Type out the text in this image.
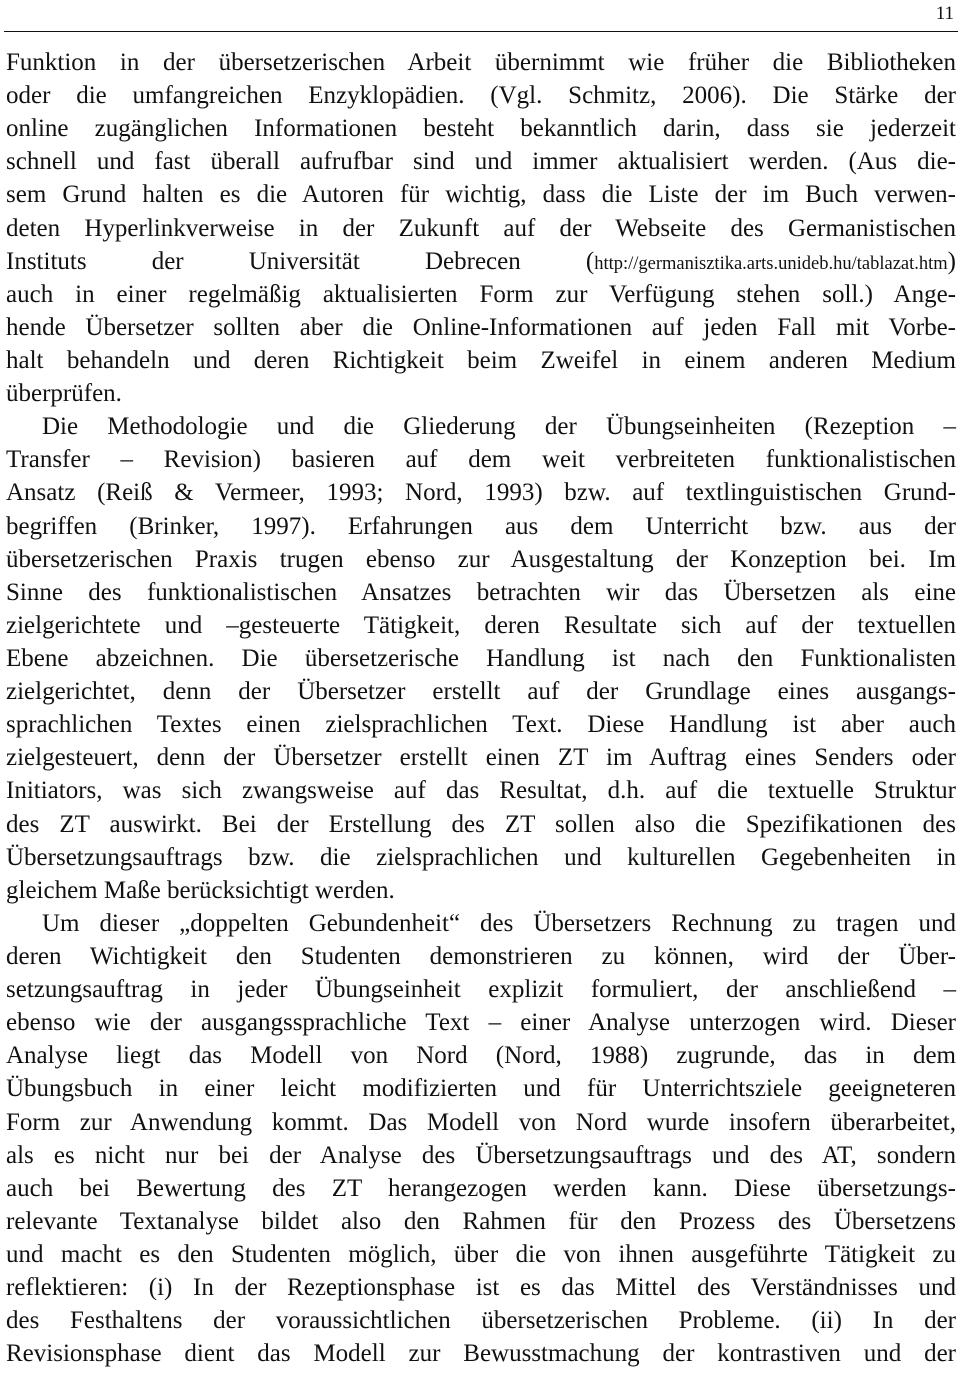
11
Funktion in der übersetzerischen Arbeit übernimmt wie früher die Bibliotheken
oder die umfangreichen Enzyklopädien. (Vgl. Schmitz, 2006). Die Stärke der
online zugänglichen Informationen besteht bekanntlich darin, dass sie jederzeit
schnell und fast überall aufrufbar sind und immer aktualisiert werden. (Aus die-
sem Grund halten es die Autoren für wichtig, dass die Liste der im Buch verwen-
deten Hyperlinkverweise in der Zukunft auf der Webseite des Germanistischen
Instituts der Universität Debrecen (http://germanisztika.arts.unideb.hu/tablazat.htm)
auch in einer regelmäßig aktualisierten Form zur Verfügung stehen soll.) Ange-
hende Übersetzer sollten aber die Online-Informationen auf jeden Fall mit Vorbe-
halt behandeln und deren Richtigkeit beim Zweifel in einem anderen Medium
überprüfen.
Die Methodologie und die Gliederung der Übungseinheiten (Rezeption –
Transfer – Revision) basieren auf dem weit verbreiteten funktionalistischen
Ansatz (Reiß & Vermeer, 1993; Nord, 1993) bzw. auf textlinguistischen Grund-
begriffen (Brinker, 1997). Erfahrungen aus dem Unterricht bzw. aus der
übersetzerischen Praxis trugen ebenso zur Ausgestaltung der Konzeption bei. Im
Sinne des funktionalistischen Ansatzes betrachten wir das Übersetzen als eine
zielgerichtete und –gesteuerte Tätigkeit, deren Resultate sich auf der textuellen
Ebene abzeichnen. Die übersetzerische Handlung ist nach den Funktionalisten
zielgerichtet, denn der Übersetzer erstellt auf der Grundlage eines ausgangs-
sprachlichen Textes einen zielsprachlichen Text. Diese Handlung ist aber auch
zielgesteuert, denn der Übersetzer erstellt einen ZT im Auftrag eines Senders oder
Initiators, was sich zwangsweise auf das Resultat, d.h. auf die textuelle Struktur
des ZT auswirkt. Bei der Erstellung des ZT sollen also die Spezifikationen des
Übersetzungsauftrags bzw. die zielsprachlichen und kulturellen Gegebenheiten in
gleichem Maße berücksichtigt werden.
Um dieser „doppelten Gebundenheit“ des Übersetzers Rechnung zu tragen und
deren Wichtigkeit den Studenten demonstrieren zu können, wird der Über-
setzungsauftrag in jeder Übungseinheit explizit formuliert, der anschließend –
ebenso wie der ausgangssprachliche Text – einer Analyse unterzogen wird. Dieser
Analyse liegt das Modell von Nord (Nord, 1988) zugrunde, das in dem
Übungsbuch in einer leicht modifizierten und für Unterrichtsziele geeigneteren
Form zur Anwendung kommt. Das Modell von Nord wurde insofern überarbeitet,
als es nicht nur bei der Analyse des Übersetzungsauftrags und des AT, sondern
auch bei Bewertung des ZT herangezogen werden kann. Diese übersetzungs-
relevante Textanalyse bildet also den Rahmen für den Prozess des Übersetzens
und macht es den Studenten möglich, über die von ihnen ausgeführte Tätigkeit zu
reflektieren: (i) In der Rezeptionsphase ist es das Mittel des Verständnisses und
des Festhaltens der voraussichtlichen übersetzerischen Probleme. (ii) In der
Revisionsphase dient das Modell zur Bewusstmachung der kontrastiven und der
